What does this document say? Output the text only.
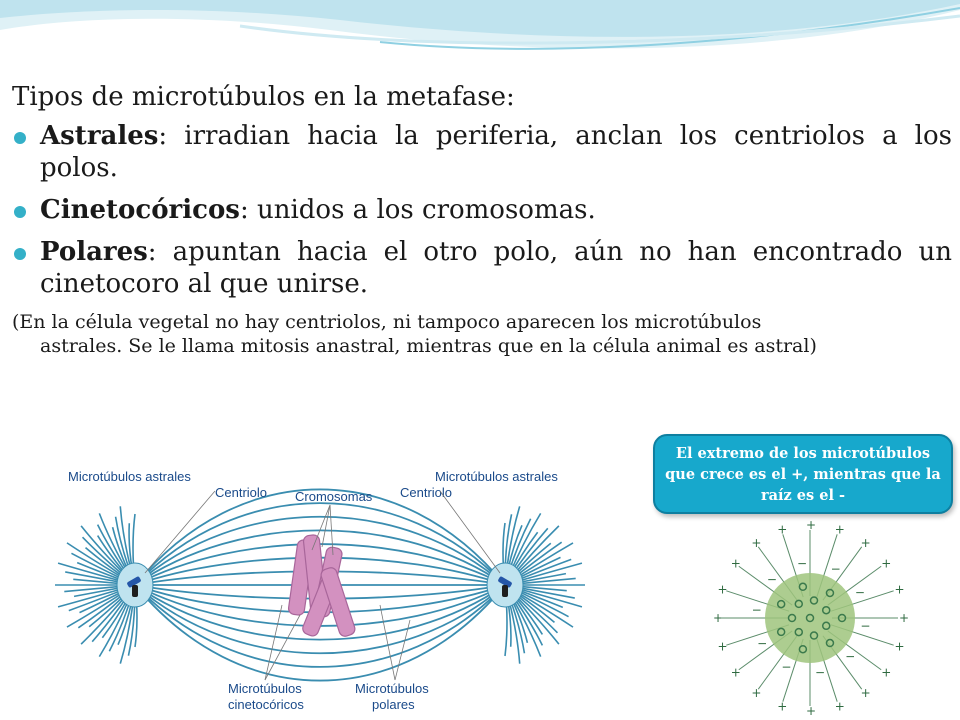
Tipos de microtúbulos en la metafase:

Astrales: irradian hacia la periferia, anclan los centriolos a los polos.

Cinetocóricos: unidos a los cromosomas.

Polares: apuntan hacia el otro polo, aún no han encontrado un cinetocoro al que unirse.

(En la célula vegetal no hay centriolos, ni tampoco aparecen los microtúbulos
astrales. Se le llama mitosis anastral, mientras que en la célula animal es astral)

El extremo de los microtúbulos que crece es el +, mientras que la raíz es el -
Microtúbulos astrales	Microtúbulos astrales
Centriolo	Centriolo
Cromosomas
Microtúbulos
cinetocóricos
Microtúbulos
polares
+
+
+
+
+
+
+
+
+
+
+
+
+
+
+ + +
+
+
+
−
−
−
−
−
−
−
− −
−
